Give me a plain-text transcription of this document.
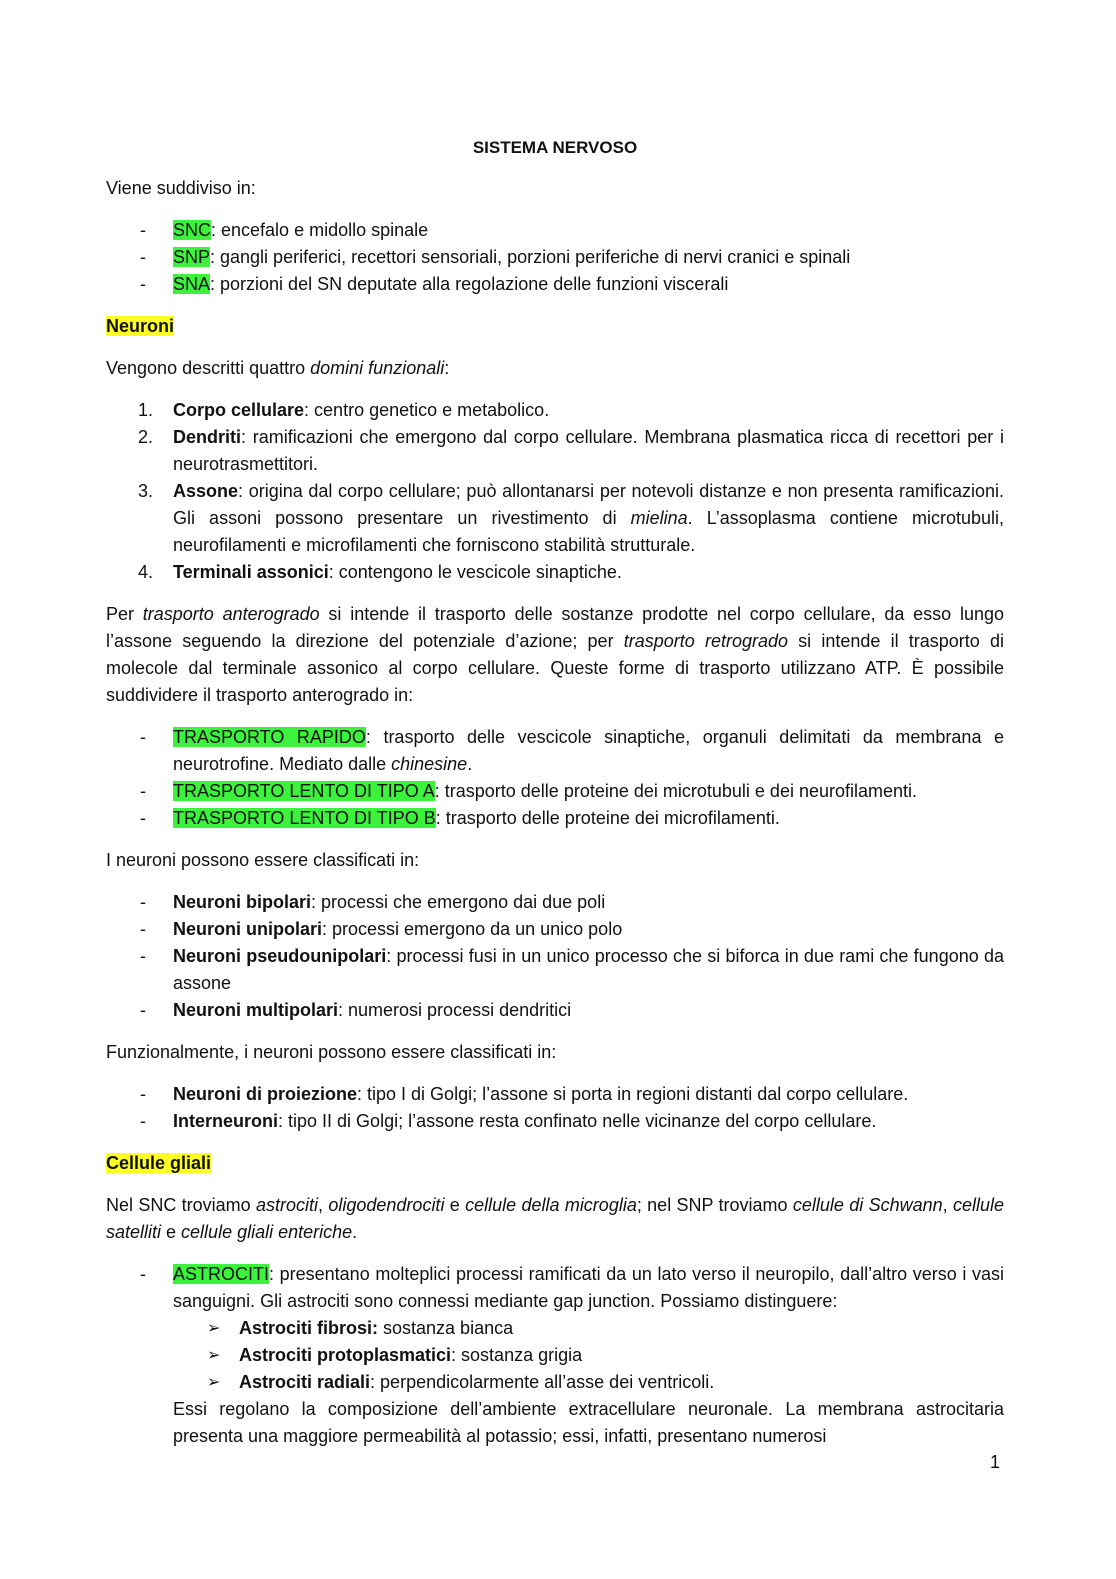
SISTEMA NERVOSO

Viene suddiviso in:

- SNC: encefalo e midollo spinale
- SNP: gangli periferici, recettori sensoriali, porzioni periferiche di nervi cranici e spinali
- SNA: porzioni del SN deputate alla regolazione delle funzioni viscerali

Neuroni

Vengono descritti quattro domini funzionali:

1. Corpo cellulare: centro genetico e metabolico.
2. Dendriti: ramificazioni che emergono dal corpo cellulare. Membrana plasmatica ricca di recettori per i neurotrasmettitori.
3. Assone: origina dal corpo cellulare; può allontanarsi per notevoli distanze e non presenta ramificazioni. Gli assoni possono presentare un rivestimento di mielina. L’assoplasma contiene microtubuli, neurofilamenti e microfilamenti che forniscono stabilità strutturale.
4. Terminali assonici: contengono le vescicole sinaptiche.

Per trasporto anterogrado si intende il trasporto delle sostanze prodotte nel corpo cellulare, da esso lungo l’assone seguendo la direzione del potenziale d’azione; per trasporto retrogrado si intende il trasporto di molecole dal terminale assonico al corpo cellulare. Queste forme di trasporto utilizzano ATP. È possibile suddividere il trasporto anterogrado in:

- TRASPORTO RAPIDO: trasporto delle vescicole sinaptiche, organuli delimitati da membrana e neurotrofine. Mediato dalle chinesine.
- TRASPORTO LENTO DI TIPO A: trasporto delle proteine dei microtubuli e dei neurofilamenti.
- TRASPORTO LENTO DI TIPO B: trasporto delle proteine dei microfilamenti.

I neuroni possono essere classificati in:

- Neuroni bipolari: processi che emergono dai due poli
- Neuroni unipolari: processi emergono da un unico polo
- Neuroni pseudounipolari: processi fusi in un unico processo che si biforca in due rami che fungono da assone
- Neuroni multipolari: numerosi processi dendritici

Funzionalmente, i neuroni possono essere classificati in:

- Neuroni di proiezione: tipo I di Golgi; l’assone si porta in regioni distanti dal corpo cellulare.
- Interneuroni: tipo II di Golgi; l’assone resta confinato nelle vicinanze del corpo cellulare.

Cellule gliali

Nel SNC troviamo astrociti, oligodendrociti e cellule della microglia; nel SNP troviamo cellule di Schwann, cellule satelliti e cellule gliali enteriche.

- ASTROCITI: presentano molteplici processi ramificati da un lato verso il neuropilo, dall’altro verso i vasi sanguigni. Gli astrociti sono connessi mediante gap junction. Possiamo distinguere:
➢ Astrociti fibrosi: sostanza bianca
➢ Astrociti protoplasmatici: sostanza grigia
➢ Astrociti radiali: perpendicolarmente all’asse dei ventricoli.

Essi regolano la composizione dell’ambiente extracellulare neuronale. La membrana astrocitaria presenta una maggiore permeabilità al potassio; essi, infatti, presentano numerosi

1
